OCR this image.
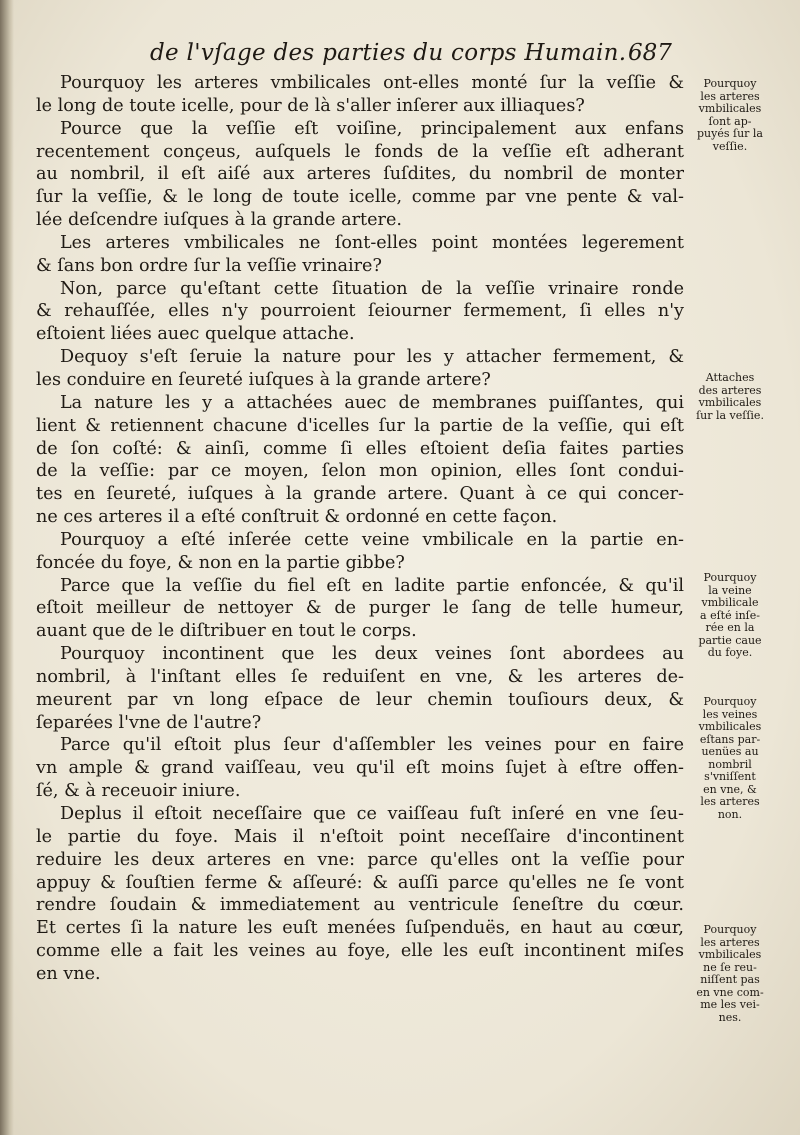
de l'vſage des parties du corps Humain. 687
Pourquoy les arteres vmbilicales ont-elles monté ſur la veſſie &
le long de toute icelle, pour de là s'aller inſerer aux illiaques?
Pource que la veſſie eſt voiſine, principalement aux enfans
recentement conçeus, auſquels le fonds de la veſſie eſt adherant
au nombril, il eſt aiſé aux arteres ſuſdites, du nombril de monter
ſur la veſſie, & le long de toute icelle, comme par vne pente & val-
lée deſcendre iuſques à la grande artere.
Les arteres vmbilicales ne ſont-elles point montées legerement
& ſans bon ordre ſur la veſſie vrinaire?
Non, parce qu'eſtant cette ſituation de la veſſie vrinaire ronde
& rehauſſée, elles n'y pourroient ſeiourner fermement, ſi elles n'y
eſtoient liées auec quelque attache.
Dequoy s'eſt ſeruie la nature pour les y attacher fermement, &
les conduire en ſeureté iuſques à la grande artere?
La nature les y a attachées auec de membranes puiſſantes, qui
lient & retiennent chacune d'icelles ſur la partie de la veſſie, qui eſt
de ſon coſté: & ainſi, comme ſi elles eſtoient deſia faites parties
de la veſſie: par ce moyen, ſelon mon opinion, elles ſont condui-
tes en ſeureté, iuſques à la grande artere. Quant à ce qui concer-
ne ces arteres il a eſté conſtruit & ordonné en cette façon.
Pourquoy a eſté inſerée cette veine vmbilicale en la partie en-
foncée du foye, & non en la partie gibbe?
Parce que la veſſie du fiel eſt en ladite partie enfoncée, & qu'il
eſtoit meilleur de nettoyer & de purger le ſang de telle humeur,
auant que de le diſtribuer en tout le corps.
Pourquoy incontinent que les deux veines ſont abordees au
nombril, à l'inſtant elles ſe reduiſent en vne, & les arteres de-
meurent par vn long eſpace de leur chemin touſiours deux, &
ſeparées l'vne de l'autre?
Parce qu'il eſtoit plus ſeur d'aſſembler les veines pour en faire
vn ample & grand vaiſſeau, veu qu'il eſt moins ſujet à eſtre offen-
ſé, & à receuoir iniure.
Deplus il eſtoit neceſſaire que ce vaiſſeau fuſt inſeré en vne ſeu-
le partie du foye. Mais il n'eſtoit point neceſſaire d'incontinent
reduire les deux arteres en vne: parce qu'elles ont la veſſie pour
appuy & ſouſtien ferme & aſſeuré: & auſſi parce qu'elles ne ſe vont
rendre ſoudain & immediatement au ventricule ſeneſtre du cœur.
Et certes ſi la nature les euſt menées ſuſpenduës, en haut au cœur,
comme elle a fait les veines au foye, elle les euſt incontinent miſes
en vne.
Pourquoy
les arteres
vmbilicales
ſont ap-
puyés ſur la
veſſie.
Attaches
des arteres
vmbilicales
ſur la veſſie.
Pourquoy
la veine
vmbilicale
a eſté inſe-
rée en la
partie caue
du foye.
Pourquoy
les veines
vmbilicales
eſtans par-
uenües au
nombril
s'vniſſent
en vne, &
les arteres
non.
Pourquoy
les arteres
vmbilicales
ne ſe reu-
niſſent pas
en vne com-
me les vei-
nes.
